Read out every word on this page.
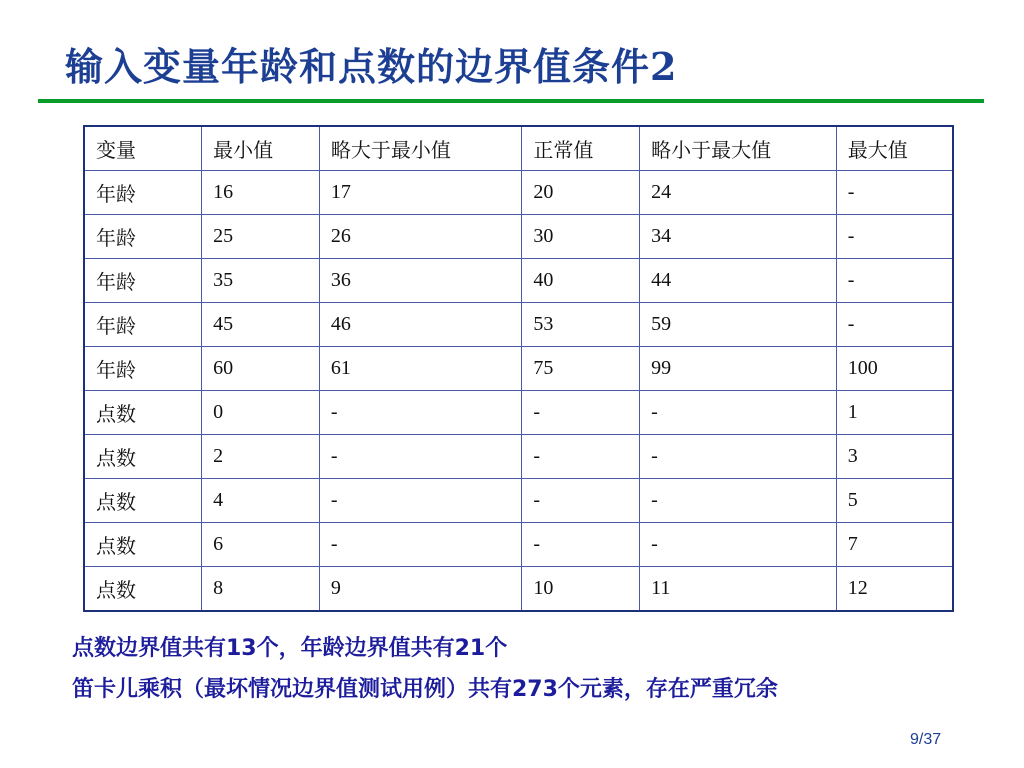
输入变量年龄和点数的边界值条件2
变量	最小值	略大于最小值	正常值	略小于最大值	最大值
年龄	16	17	20	24	-
年龄	25	26	30	34	-
年龄	35	36	40	44	-
年龄	45	46	53	59	-
年龄	60	61	75	99	100
点数	0	-	-	-	1
点数	2	-	-	-	3
点数	4	-	-	-	5
点数	6	-	-	-	7
点数	8	9	10	11	12
点数边界值共有13个，年龄边界值共有21个
笛卡儿乘积（最坏情况边界值测试用例）共有273个元素，存在严重冗余
9/37
